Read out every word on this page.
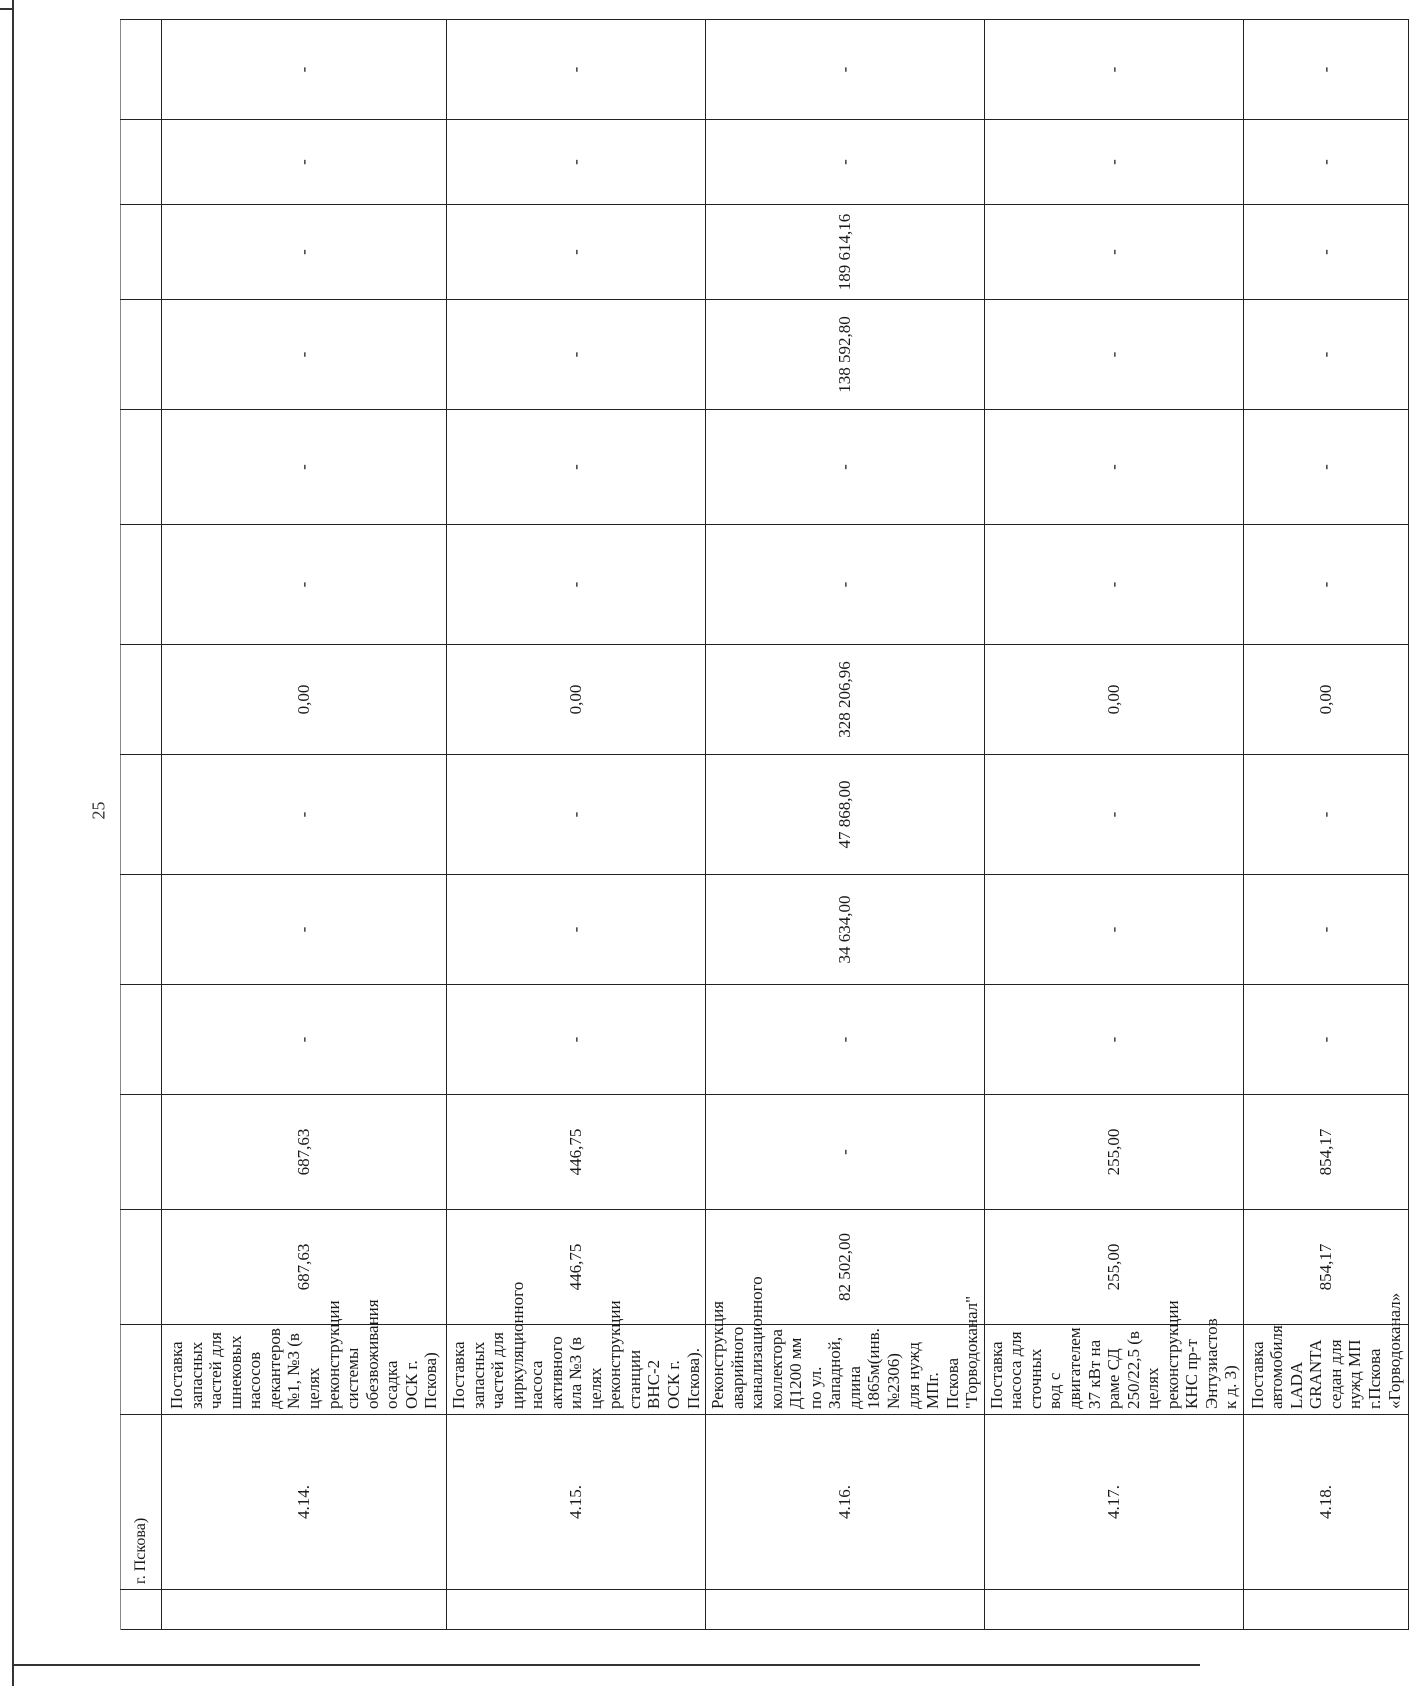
25
	г. Пскова)													
	4.14.	Поставка запасных частей для шнековых насосов декантеров №1, №3 (в целях реконструкции системы обезвоживания осадка ОСК г. Пскова)	687,63	687,63	-	-	-	0,00	-	-	-	-	-	-
	4.15.	Поставка запасных частей для циркуляционного насоса активного ила №3 (в целях реконструкции станции ВНС-2 ОСК г. Пскова).	446,75	446,75	-	-	-	0,00	-	-	-	-	-	-
	4.16.	Реконструкция аварийного канализационного коллектора Д1200 мм по ул. Западной, длина 1865м(инв.№2306) для нужд МПг. Пскова "Горводоканал"	82 502,00	-	-	34 634,00	47 868,00	328 206,96	-	-	138 592,80	189 614,16	-	-
	4.17.	Поставка насоса для сточных вод с двигателем 37 кВт на раме СД 250/22,5 (в целях реконструкции КНС пр-т Энтузиастов к д. 3)	255,00	255,00	-	-	-	0,00	-	-	-	-	-	-
	4.18.	Поставка автомобиля LADA GRANTA седан для нужд МП г.Пскова «Горводоканал»	854,17	854,17	-	-	-	0,00	-	-	-	-	-	-
